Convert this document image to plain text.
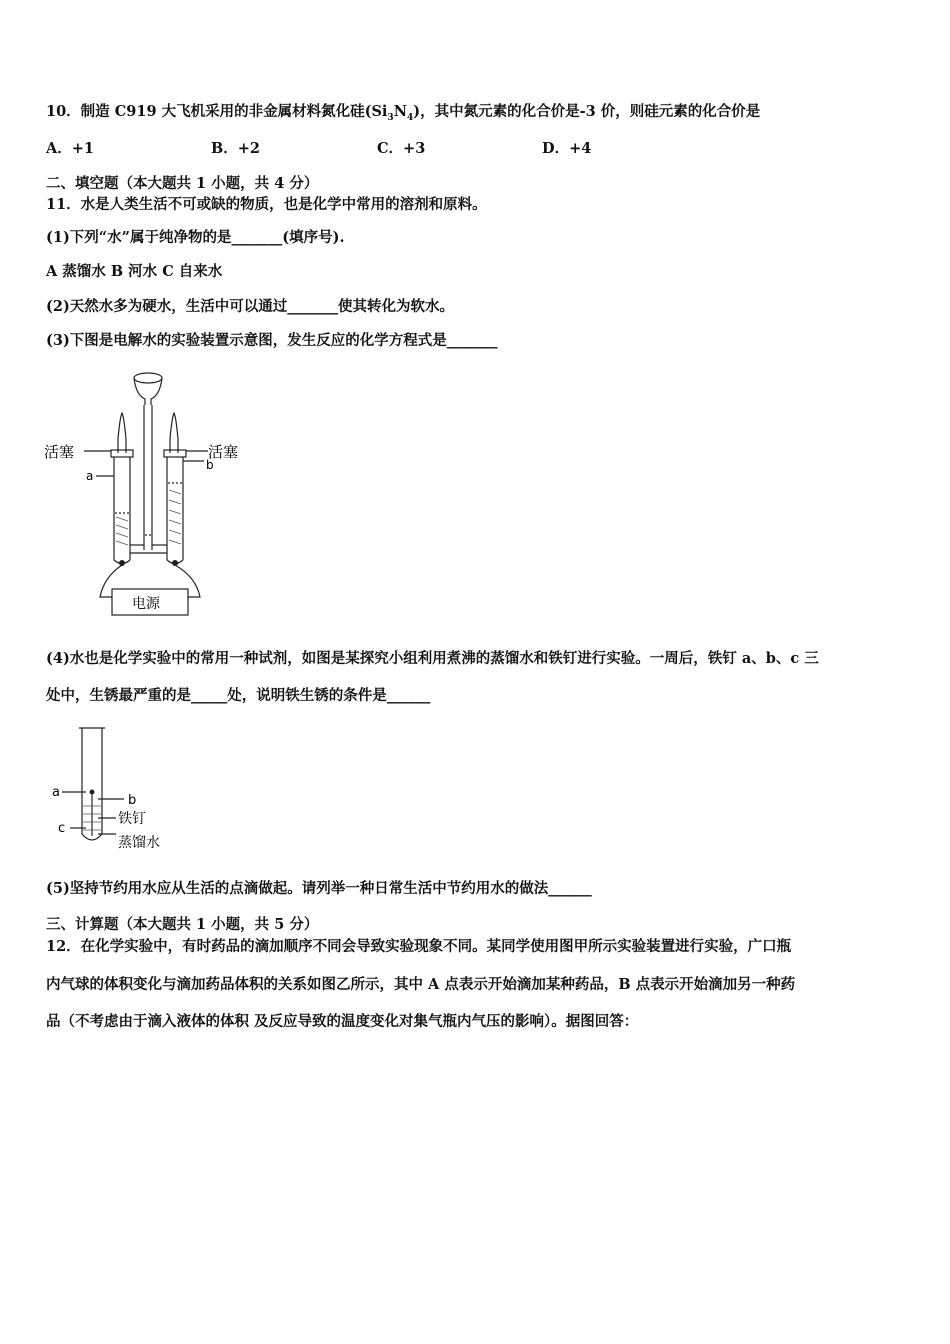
10．制造 C919 大飞机采用的非金属材料氮化硅$(Si_3N_4)$，其中氮元素的化合价是-3 价，则硅元素的化合价是
A．+1	B．+2	C．+3	D．+4
二、填空题（本大题共 1 小题，共 4 分）
11．水是人类生活不可或缺的物质，也是化学中常用的溶剂和原料。
(1)下列“水”属于纯净物的是_______(填序号).
A 蒸馏水 B 河水 C 自来水
(2)天然水多为硬水，生活中可以通过_______使其转化为软水。
(3)下图是电解水的实验装置示意图，发生反应的化学方程式是_______
活塞	活塞
a
b
电源
(4)水也是化学实验中的常用一种试剂，如图是某探究小组利用煮沸的蒸馏水和铁钉进行实验。一周后，铁钉 a、b、c 三
处中，生锈最严重的是_____处，说明铁生锈的条件是______
a
b
c
铁钉
蒸馏水
(5)坚持节约用水应从生活的点滴做起。请列举一种日常生活中节约用水的做法______
三、计算题（本大题共 1 小题，共 5 分）
12．在化学实验中，有时药品的滴加顺序不同会导致实验现象不同。某同学使用图甲所示实验装置进行实验，广口瓶
内气球的体积变化与滴加药品体积的关系如图乙所示，其中 A 点表示开始滴加某种药品，B 点表示开始滴加另一种药
品（不考虑由于滴入液体的体积 及反应导致的温度变化对集气瓶内气压的影响）。据图回答：
